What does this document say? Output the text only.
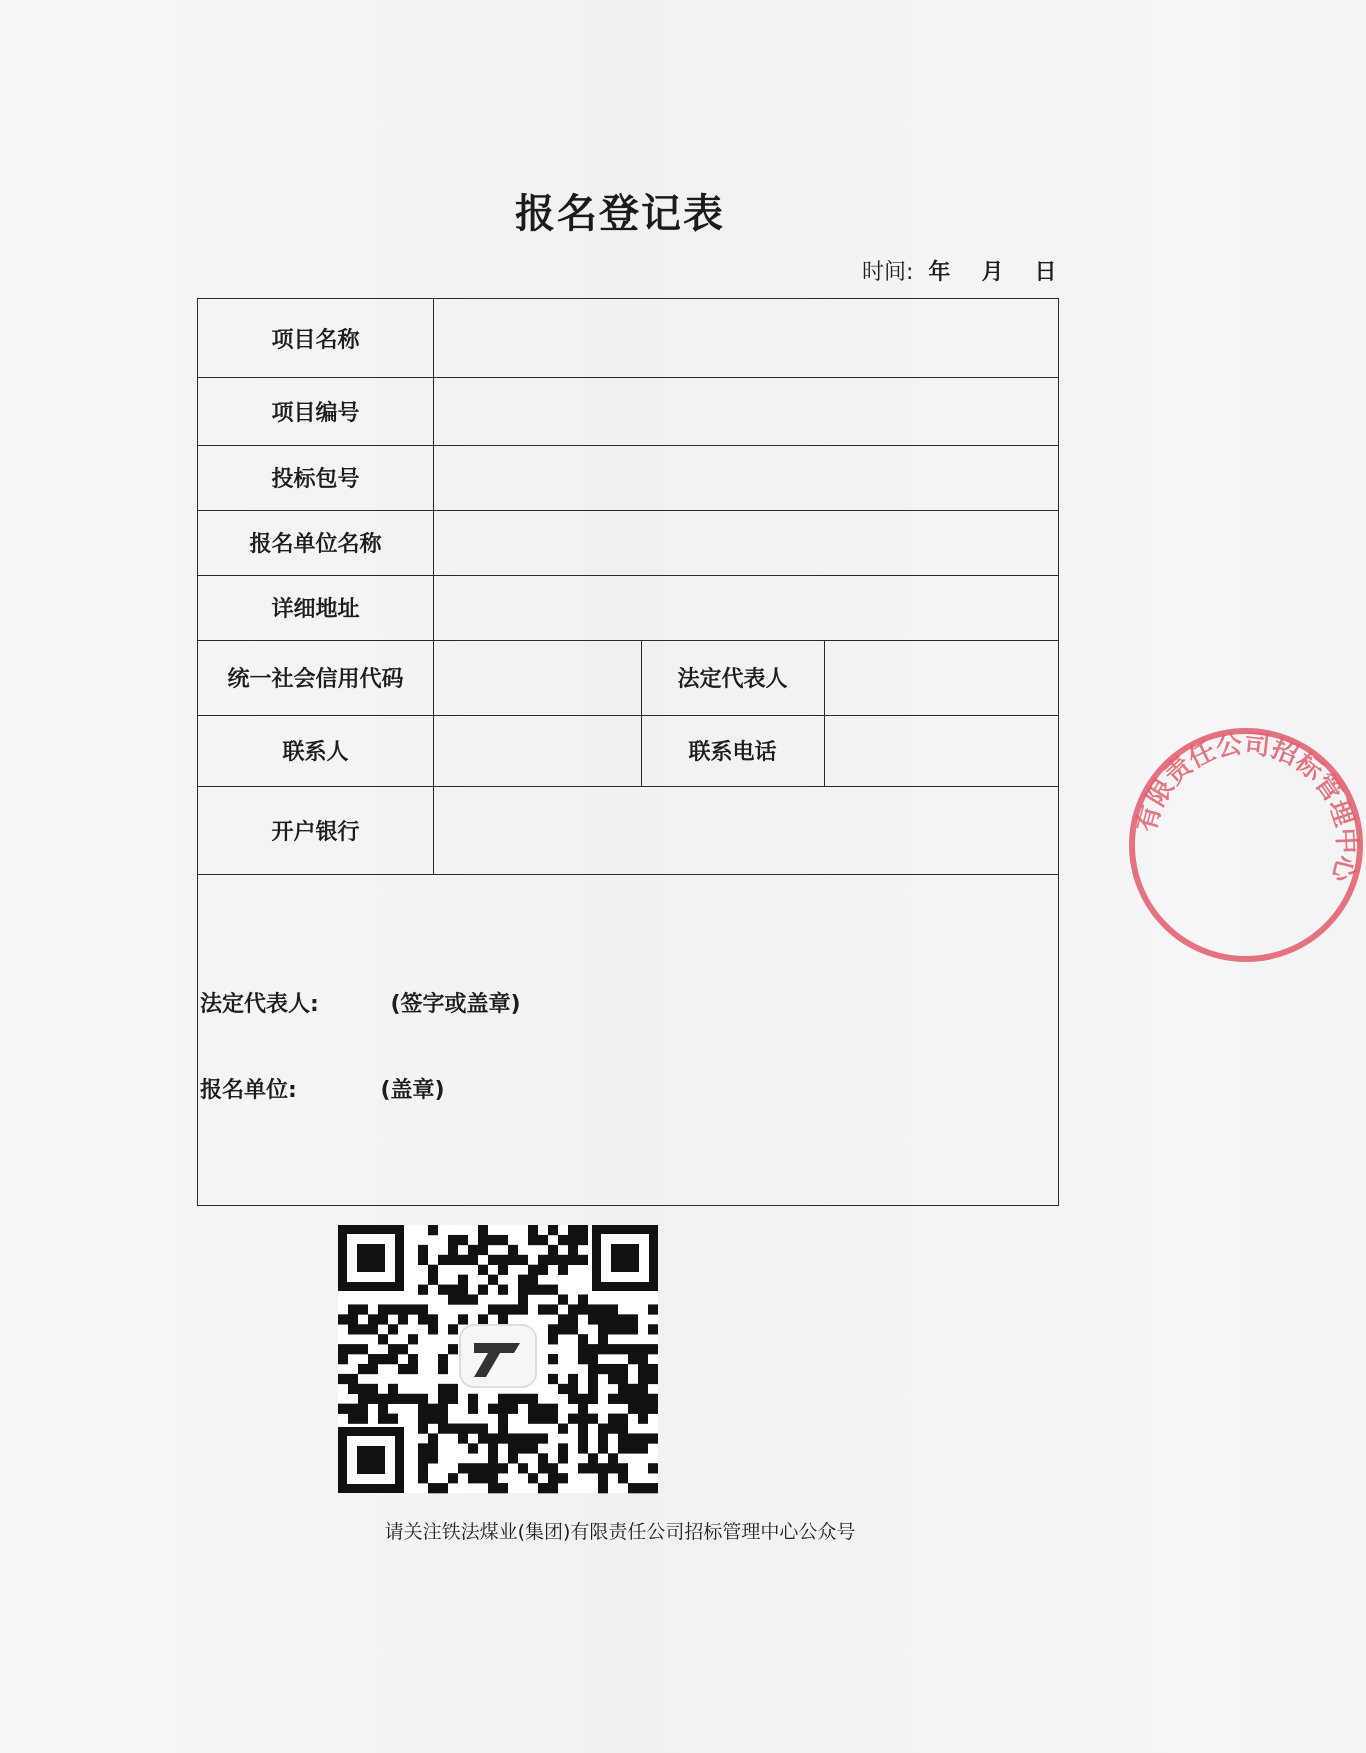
报名登记表
时间: 年 月 日
项目名称
项目编号
投标包号
报名单位名称
详细地址
统一社会信用代码	法定代表人
联系人	联系电话
开户银行
法定代表人:	(签字或盖章)
报名单位:	(盖章)
有限责任公司招标管理中心
请关注铁法煤业(集团)有限责任公司招标管理中心公众号
